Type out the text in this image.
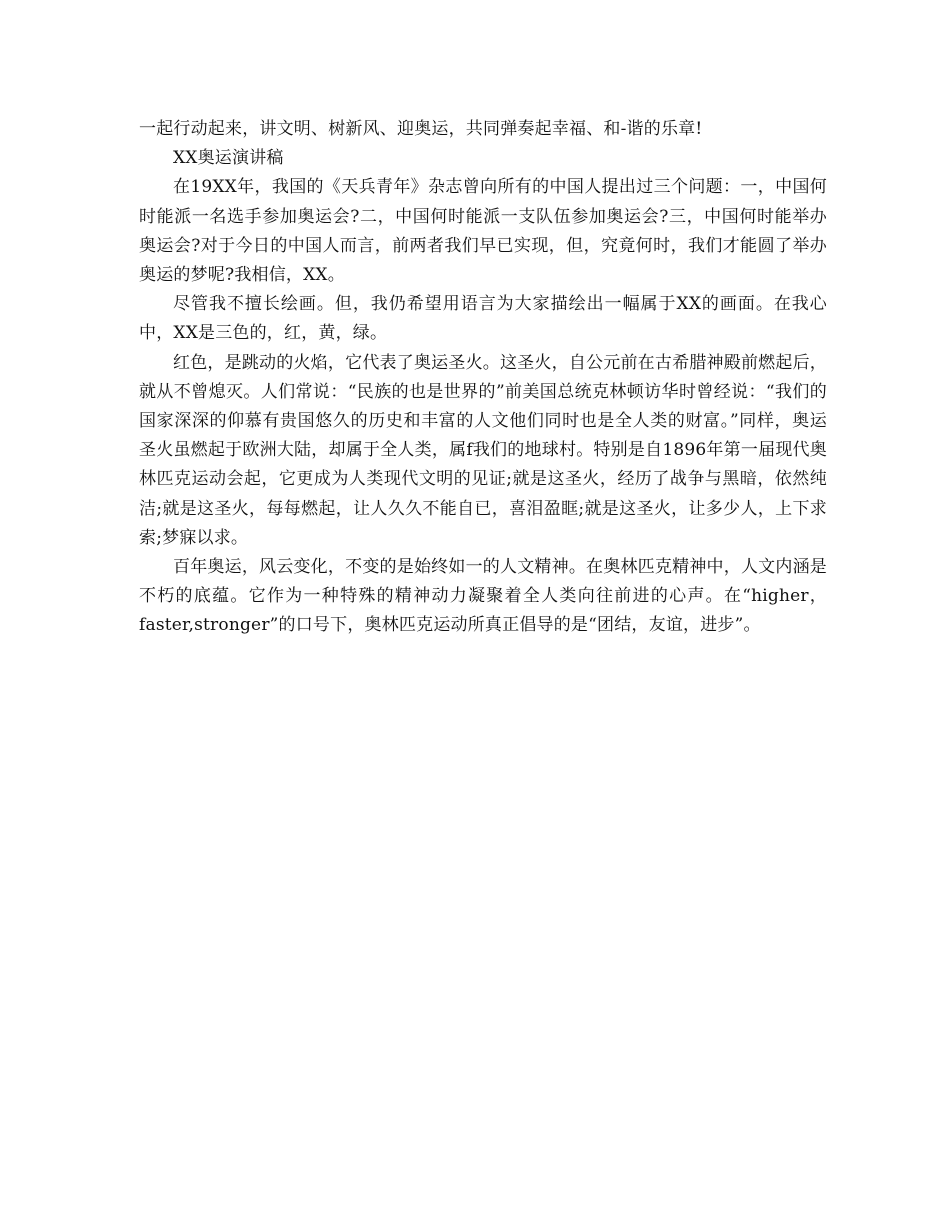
一起行动起来，讲文明、树新风、迎奥运，共同弹奏起幸福、和-谐的乐章!

XX奥运演讲稿

在19XX年，我国的《天兵青年》杂志曾向所有的中国人提出过三个问题：一，中国何时能派一名选手参加奥运会?二，中国何时能派一支队伍参加奥运会?三，中国何时能举办奥运会?对于今日的中国人而言，前两者我们早已实现，但，究竟何时，我们才能圆了举办奥运的梦呢?我相信，XX。

尽管我不擅长绘画。但，我仍希望用语言为大家描绘出一幅属于XX的画面。在我心中，XX是三色的，红，黄，绿。

红色，是跳动的火焰，它代表了奥运圣火。这圣火，自公元前在古希腊神殿前燃起后，就从不曾熄灭。人们常说：“民族的也是世界的”前美国总统克林顿访华时曾经说：“我们的国家深深的仰慕有贵国悠久的历史和丰富的人文他们同时也是全人类的财富。”同样，奥运圣火虽燃起于欧洲大陆，却属于全人类，属f我们的地球村。特别是自1896年第一届现代奥林匹克运动会起，它更成为人类现代文明的见证;就是这圣火，经历了战争与黑暗，依然纯洁;就是这圣火，每每燃起，让人久久不能自已，喜泪盈眶;就是这圣火，让多少人，上下求索;梦寐以求。

百年奥运，风云变化，不变的是始终如一的人文精神。在奥林匹克精神中，人文内涵是不朽的底蕴。它作为一种特殊的精神动力凝聚着全人类向往前进的心声。在“higher，faster,stronger”的口号下，奥林匹克运动所真正倡导的是“团结，友谊，进步”。
